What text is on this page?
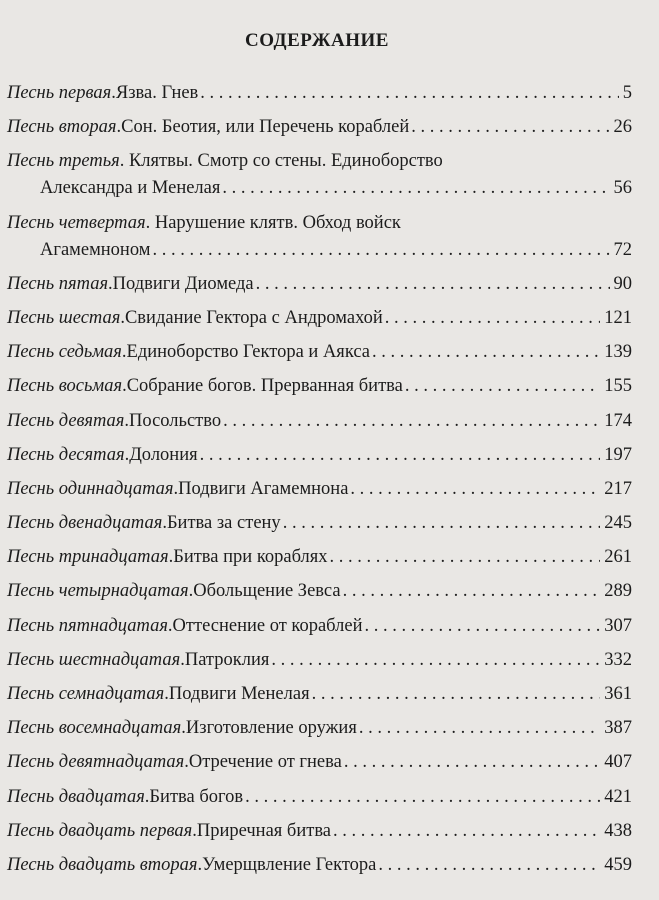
СОДЕРЖАНИЕ
Песнь первая . Язва. Гнев . . .	5
Песнь вторая . Сон. Беотия, или Перечень кораблей . . .	26
Песнь третья. Клятвы. Смотр со стены. Единоборство
Александра и Менелая . . .	56
Песнь четвертая. Нарушение клятв. Обход войск
Агамемноном . . .	72
Песнь пятая . Подвиги Диомеда . . .	90
Песнь шестая . Свидание Гектора с Андромахой . . .	121
Песнь седьмая . Единоборство Гектора и Аякса . . .	139
Песнь восьмая . Собрание богов. Прерванная битва . . .	155
Песнь девятая . Посольство . . .	174
Песнь десятая . Долония . . .	197
Песнь одиннадцатая . Подвиги Агамемнона . . .	217
Песнь двенадцатая . Битва за стену . . .	245
Песнь тринадцатая . Битва при кораблях . . .	261
Песнь четырнадцатая . Обольщение Зевса . . .	289
Песнь пятнадцатая . Оттеснение от кораблей . . .	307
Песнь шестнадцатая . Патроклия . . .	332
Песнь семнадцатая . Подвиги Менелая . . .	361
Песнь восемнадцатая . Изготовление оружия . . .	387
Песнь девятнадцатая . Отречение от гнева . . .	407
Песнь двадцатая . Битва богов . . .	421
Песнь двадцать первая . Приречная битва . . .	438
Песнь двадцать вторая . Умерщвление Гектора . . .	459
